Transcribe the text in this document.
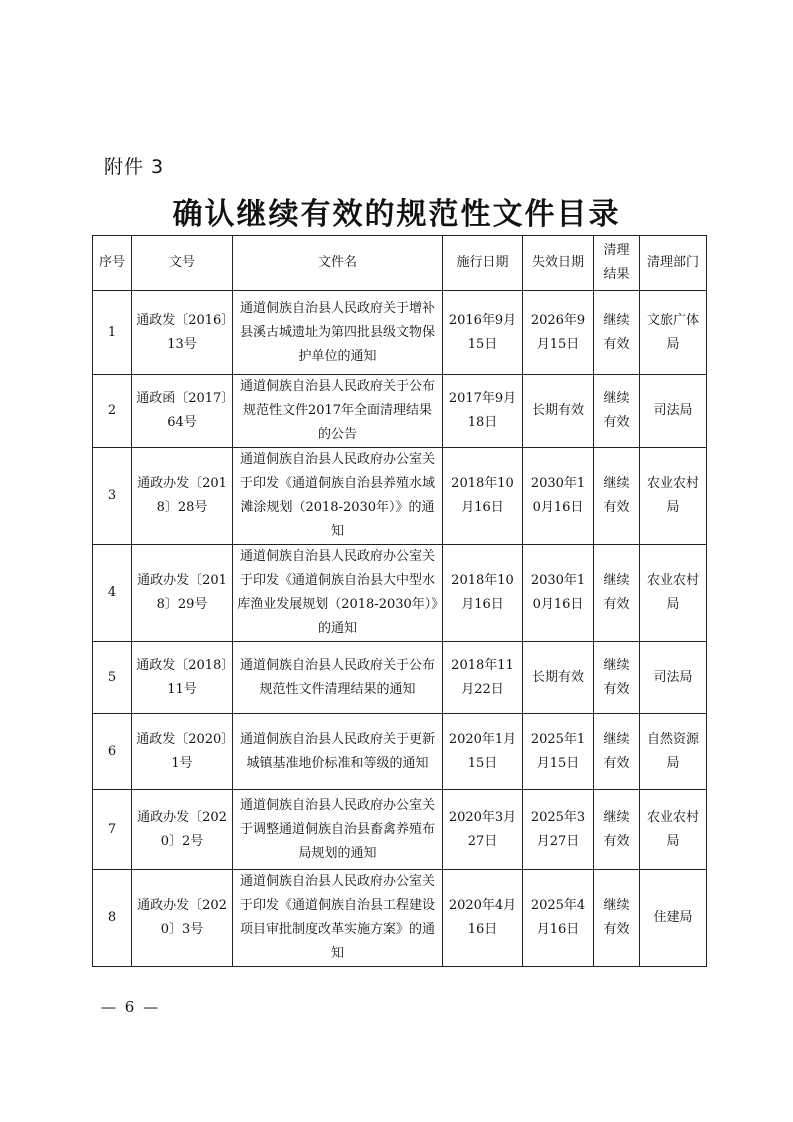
附件 3
确认继续有效的规范性文件目录
序号	文号	文件名	施行日期	失效日期	清理结果	清理部门
1	通政发〔2016〕13号	通道侗族自治县人民政府关于增补县溪古城遗址为第四批县级文物保护单位的通知	2016年9月15日	2026年9月15日	继续有效	文旅广体局
2	通政函〔2017〕64号	通道侗族自治县人民政府关于公布规范性文件2017年全面清理结果的公告	2017年9月18日	长期有效	继续有效	司法局
3	通政办发〔2018〕28号	通道侗族自治县人民政府办公室关于印发《通道侗族自治县养殖水域滩涂规划（2018-2030年）》的通知	2018年10月16日	2030年10月16日	继续有效	农业农村局
4	通政办发〔2018〕29号	通道侗族自治县人民政府办公室关于印发《通道侗族自治县大中型水库渔业发展规划（2018-2030年）》的通知	2018年10月16日	2030年10月16日	继续有效	农业农村局
5	通政发〔2018〕11号	通道侗族自治县人民政府关于公布规范性文件清理结果的通知	2018年11月22日	长期有效	继续有效	司法局
6	通政发〔2020〕1号	通道侗族自治县人民政府关于更新城镇基准地价标准和等级的通知	2020年1月15日	2025年1月15日	继续有效	自然资源局
7	通政办发〔2020〕2号	通道侗族自治县人民政府办公室关于调整通道侗族自治县畜禽养殖布局规划的通知	2020年3月27日	2025年3月27日	继续有效	农业农村局
8	通政办发〔2020〕3号	通道侗族自治县人民政府办公室关于印发《通道侗族自治县工程建设项目审批制度改革实施方案》的通知	2020年4月16日	2025年4月16日	继续有效	住建局
— 6 —
